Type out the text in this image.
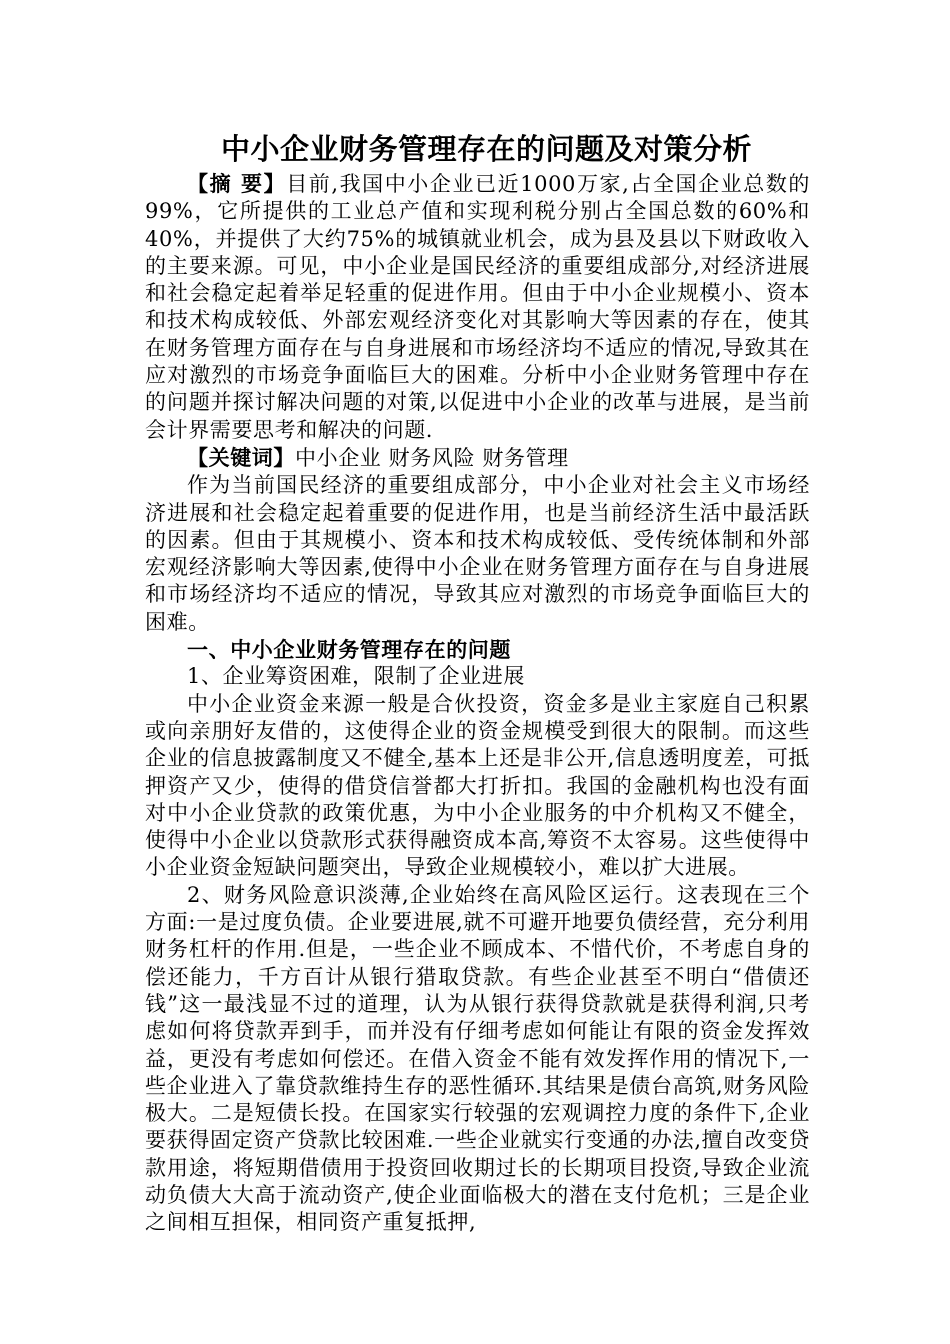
中小企业财务管理存在的问题及对策分析

【摘 要】目前,我国中小企业已近1000万家,占全国企业总数的99%，它所提供的工业总产值和实现利税分别占全国总数的60%和40%，并提供了大约75%的城镇就业机会，成为县及县以下财政收入的主要来源。可见，中小企业是国民经济的重要组成部分,对经济进展和社会稳定起着举足轻重的促进作用。但由于中小企业规模小、资本和技术构成较低、外部宏观经济变化对其影响大等因素的存在，使其在财务管理方面存在与自身进展和市场经济均不适应的情况,导致其在应对激烈的市场竞争面临巨大的困难。分析中小企业财务管理中存在的问题并探讨解决问题的对策,以促进中小企业的改革与进展，是当前会计界需要思考和解决的问题.

【关键词】中小企业 财务风险 财务管理

作为当前国民经济的重要组成部分，中小企业对社会主义市场经济进展和社会稳定起着重要的促进作用，也是当前经济生活中最活跃的因素。但由于其规模小、资本和技术构成较低、受传统体制和外部宏观经济影响大等因素,使得中小企业在财务管理方面存在与自身进展和市场经济均不适应的情况，导致其应对激烈的市场竞争面临巨大的困难。

一、中小企业财务管理存在的问题

1、企业筹资困难，限制了企业进展

中小企业资金来源一般是合伙投资，资金多是业主家庭自己积累或向亲朋好友借的，这使得企业的资金规模受到很大的限制。而这些企业的信息披露制度又不健全,基本上还是非公开,信息透明度差，可抵押资产又少，使得的借贷信誉都大打折扣。我国的金融机构也没有面对中小企业贷款的政策优惠，为中小企业服务的中介机构又不健全，使得中小企业以贷款形式获得融资成本高,筹资不太容易。这些使得中小企业资金短缺问题突出，导致企业规模较小，难以扩大进展。

2、财务风险意识淡薄,企业始终在高风险区运行。这表现在三个方面:一是过度负债。企业要进展,就不可避开地要负债经营，充分利用财务杠杆的作用.但是，一些企业不顾成本、不惜代价，不考虑自身的偿还能力，千方百计从银行猎取贷款。有些企业甚至不明白“借债还钱”这一最浅显不过的道理，认为从银行获得贷款就是获得利润,只考虑如何将贷款弄到手，而并没有仔细考虑如何能让有限的资金发挥效益，更没有考虑如何偿还。在借入资金不能有效发挥作用的情况下,一些企业进入了靠贷款维持生存的恶性循环.其结果是债台高筑,财务风险极大。二是短债长投。在国家实行较强的宏观调控力度的条件下,企业要获得固定资产贷款比较困难.一些企业就实行变通的办法,擅自改变贷款用途，将短期借债用于投资回收期过长的长期项目投资,导致企业流动负债大大高于流动资产,使企业面临极大的潜在支付危机；三是企业之间相互担保，相同资产重复抵押,
